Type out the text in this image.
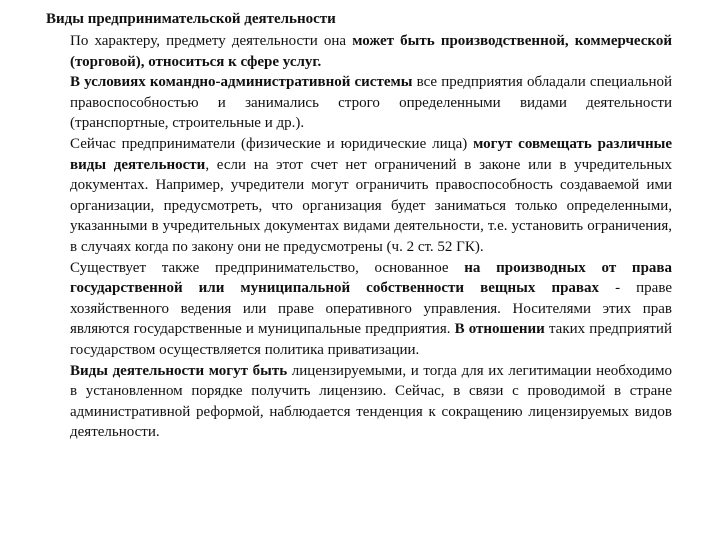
Виды предпринимательской деятельности

По характеру, предмету деятельности она может быть производственной, коммерческой (торговой), относиться к сфере услуг.

В условиях командно-административной системы все предприятия обладали специальной правоспособностью и занимались строго определенными видами деятельности (транспортные, строительные и др.).

Сейчас предприниматели (физические и юридические лица) могут совмещать различные виды деятельности, если на этот счет нет ограничений в законе или в учредительных документах. Например, учредители могут ограничить правоспособность создаваемой ими организации, предусмотреть, что организация будет заниматься только определенными, указанными в учредительных документах видами деятельности, т.е. установить ограничения, в случаях когда по закону они не предусмотрены (ч. 2 ст. 52 ГК).

Существует также предпринимательство, основанное на производных от права государственной или муниципальной собственности вещных правах - праве хозяйственного ведения или праве оперативного управления. Носителями этих прав являются государственные и муниципальные предприятия. В отношении таких предприятий государством осуществляется политика приватизации.

Виды деятельности могут быть лицензируемыми, и тогда для их легитимации необходимо в установленном порядке получить лицензию. Сейчас, в связи с проводимой в стране административной реформой, наблюдается тенденция к сокращению лицензируемых видов деятельности.
